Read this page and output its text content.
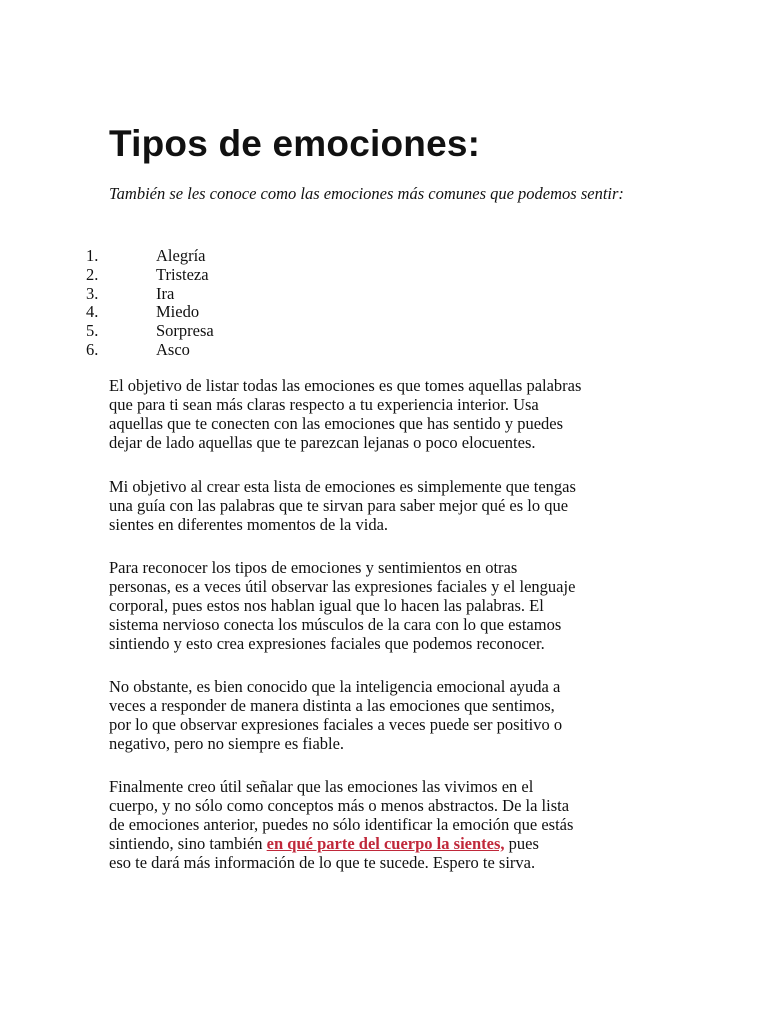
Tipos de emociones:

También se les conoce como las emociones más comunes que podemos sentir:

1.	Alegría
2.	Tristeza
3.	Ira
4.	Miedo
5.	Sorpresa
6.	Asco

El objetivo de listar todas las emociones es que tomes aquellas palabras
que para ti sean más claras respecto a tu experiencia interior. Usa
aquellas que te conecten con las emociones que has sentido y puedes
dejar de lado aquellas que te parezcan lejanas o poco elocuentes.

Mi objetivo al crear esta lista de emociones es simplemente que tengas
una guía con las palabras que te sirvan para saber mejor qué es lo que
sientes en diferentes momentos de la vida.

Para reconocer los tipos de emociones y sentimientos en otras
personas, es a veces útil observar las expresiones faciales y el lenguaje
corporal, pues estos nos hablan igual que lo hacen las palabras. El
sistema nervioso conecta los músculos de la cara con lo que estamos
sintiendo y esto crea expresiones faciales que podemos reconocer.

No obstante, es bien conocido que la inteligencia emocional ayuda a
veces a responder de manera distinta a las emociones que sentimos,
por lo que observar expresiones faciales a veces puede ser positivo o
negativo, pero no siempre es fiable.

Finalmente creo útil señalar que las emociones las vivimos en el
cuerpo, y no sólo como conceptos más o menos abstractos. De la lista
de emociones anterior, puedes no sólo identificar la emoción que estás
sintiendo, sino también en qué parte del cuerpo la sientes, pues
eso te dará más información de lo que te sucede. Espero te sirva.
